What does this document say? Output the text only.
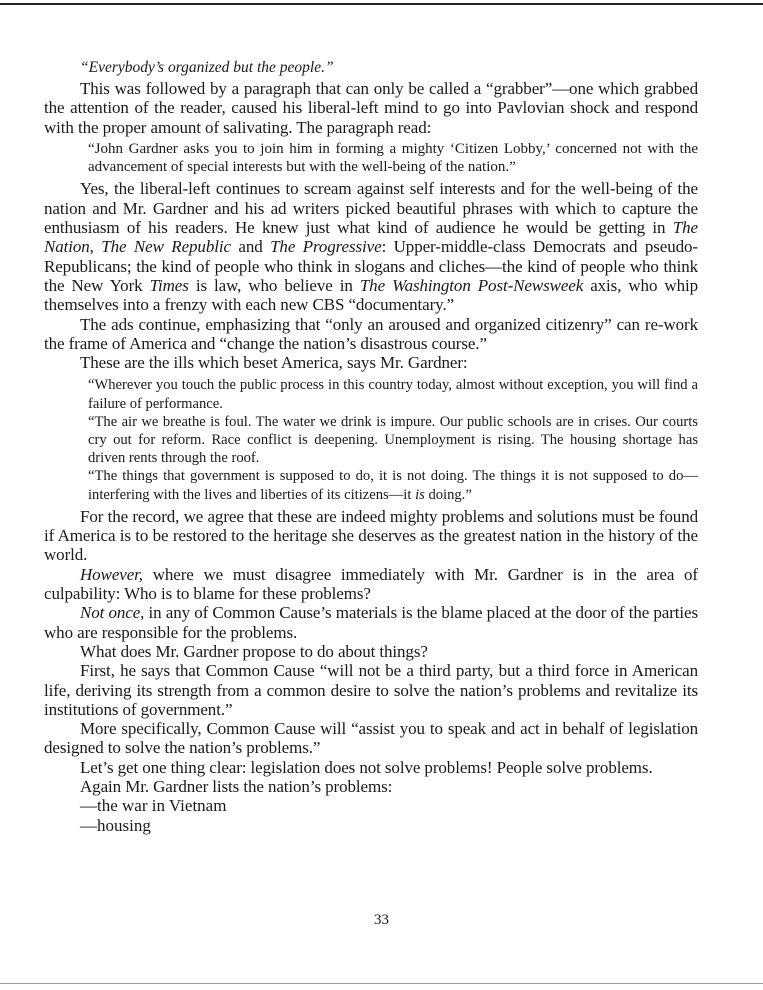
“Everybody’s organized but the people.”

This was followed by a paragraph that can only be called a “grabber”—one which grabbed the attention of the reader, caused his liberal-left mind to go into Pavlovian shock and respond with the proper amount of salivating. The paragraph read:

“John Gardner asks you to join him in forming a mighty ‘Citizen Lobby,’ concerned not with the advancement of special interests but with the well-being of the nation.”

Yes, the liberal-left continues to scream against self interests and for the well-being of the nation and Mr. Gardner and his ad writers picked beautiful phrases with which to capture the enthusiasm of his readers. He knew just what kind of audience he would be getting in The Nation, The New Republic and The Progressive: Upper-middle-class Democrats and pseudo-Republicans; the kind of people who think in slogans and cliches—the kind of people who think the New York Times is law, who believe in The Washington Post-Newsweek axis, who whip themselves into a frenzy with each new CBS “documentary.”

The ads continue, emphasizing that “only an aroused and organized citizenry” can re-work the frame of America and “change the nation’s disastrous course.”

These are the ills which beset America, says Mr. Gardner:

“Wherever you touch the public process in this country today, almost without exception, you will find a failure of performance.

“The air we breathe is foul. The water we drink is impure. Our public schools are in crises. Our courts cry out for reform. Race conflict is deepening. Unemployment is rising. The housing shortage has driven rents through the roof.

“The things that government is supposed to do, it is not doing. The things it is not supposed to do—interfering with the lives and liberties of its citizens—it is doing.”

For the record, we agree that these are indeed mighty problems and solutions must be found if America is to be restored to the heritage she deserves as the greatest nation in the history of the world.

However, where we must disagree immediately with Mr. Gardner is in the area of culpability: Who is to blame for these problems?

Not once, in any of Common Cause’s materials is the blame placed at the door of the parties who are responsible for the problems.

What does Mr. Gardner propose to do about things?

First, he says that Common Cause “will not be a third party, but a third force in American life, deriving its strength from a common desire to solve the nation’s problems and revitalize its institutions of government.”

More specifically, Common Cause will “assist you to speak and act in behalf of legislation designed to solve the nation’s problems.”

Let’s get one thing clear: legislation does not solve problems! People solve problems.

Again Mr. Gardner lists the nation’s problems:

—the war in Vietnam

—housing

33
